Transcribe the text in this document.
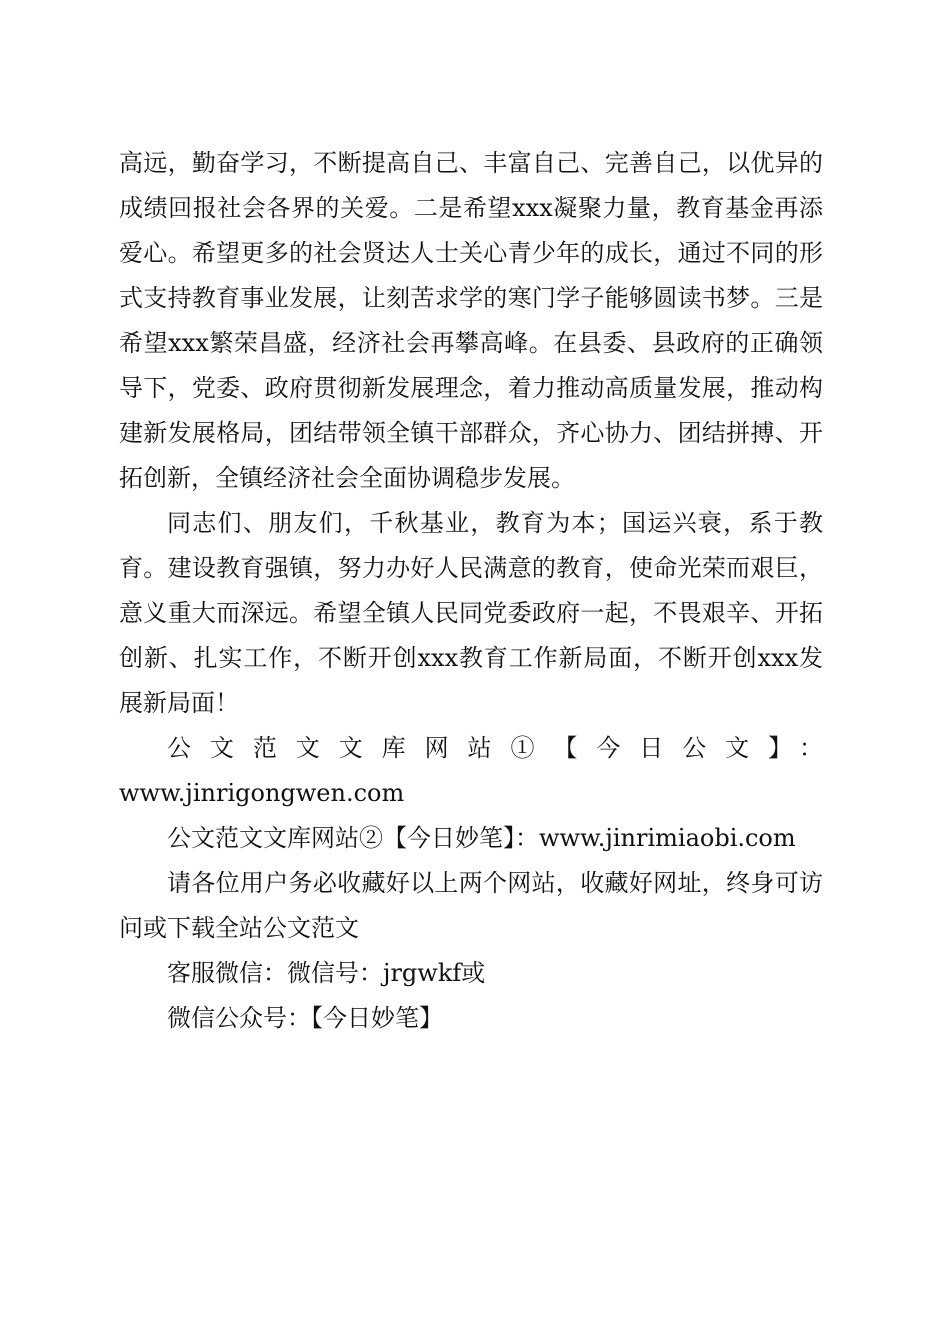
高远，勤奋学习，不断提高自己、丰富自己、完善自己，以优异的成绩回报社会各界的关爱。二是希望xxx凝聚力量，教育基金再添爱心。希望更多的社会贤达人士关心青少年的成长，通过不同的形式支持教育事业发展，让刻苦求学的寒门学子能够圆读书梦。三是希望xxx繁荣昌盛，经济社会再攀高峰。在县委、县政府的正确领导下，党委、政府贯彻新发展理念，着力推动高质量发展，推动构建新发展格局，团结带领全镇干部群众，齐心协力、团结拼搏、开拓创新，全镇经济社会全面协调稳步发展。

同志们、朋友们，千秋基业，教育为本；国运兴衰，系于教育。建设教育强镇，努力办好人民满意的教育，使命光荣而艰巨，意义重大而深远。希望全镇人民同党委政府一起，不畏艰辛、开拓创新、扎实工作，不断开创xxx教育工作新局面，不断开创xxx发展新局面！

公文范文文库网站①【今日公文】：

www.jinrigongwen.com

公文范文文库网站②【今日妙笔】：www.jinrimiaobi.com

请各位用户务必收藏好以上两个网站，收藏好网址，终身可访问或下载全站公文范文

客服微信：微信号：jrgwkf或

微信公众号：【今日妙笔】
